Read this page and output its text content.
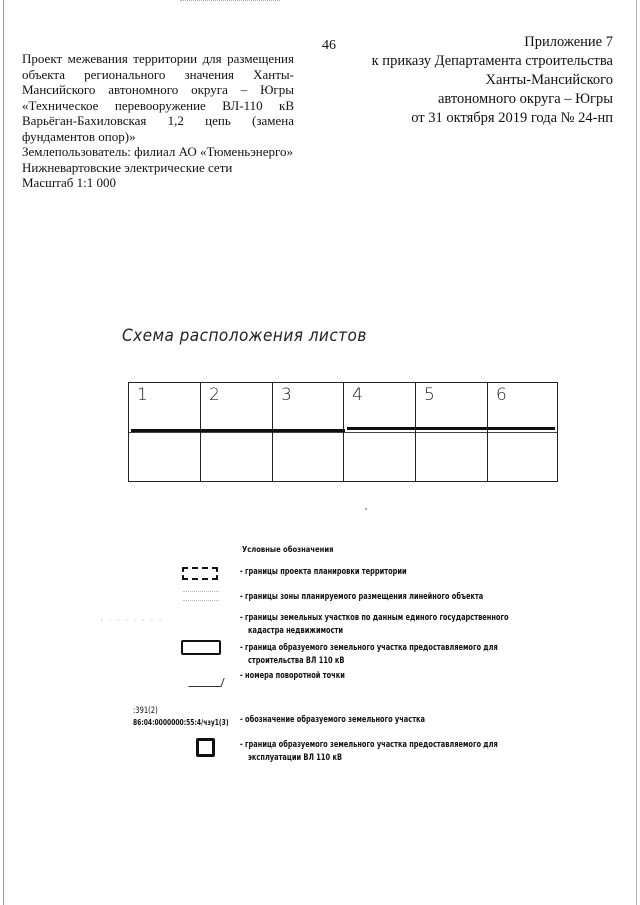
46	Приложение 7
к приказу Департамента строительства
Ханты-Мансийского
автономного округа – Югры
от 31 октября 2019 года № 24-нп
Проект межевания территории для размещения
объекта регионального значения Ханты-
Мансийского автономного округа – Югры
«Техническое перевооружение ВЛ-110 кВ
Варьёган-Бахиловская 1,2 цепь (замена
фундаментов опор)»
Землепользователь: филиал АО «Тюменьэнерго»
Нижневартовские электрические сети
Масштаб 1:1 000
Схема расположения листов
1	2	3	4	5	6
Условные обозначения
· · · · · · · ·
:391(2)
86:04:0000000:55:4/чзу1(3)
- границы проекта планировки территории
- границы зоны планируемого размещения линейного объекта
- границы земельных участков по данным единого государственного
кадастра недвижимости
- граница образуемого земельного участка предоставляемого для
строительства ВЛ 110 кВ
- номера поворотной точки
- обозначение образуемого земельного участка
- граница образуемого земельного участка предоставляемого для
эксплуатации ВЛ 110 кВ
